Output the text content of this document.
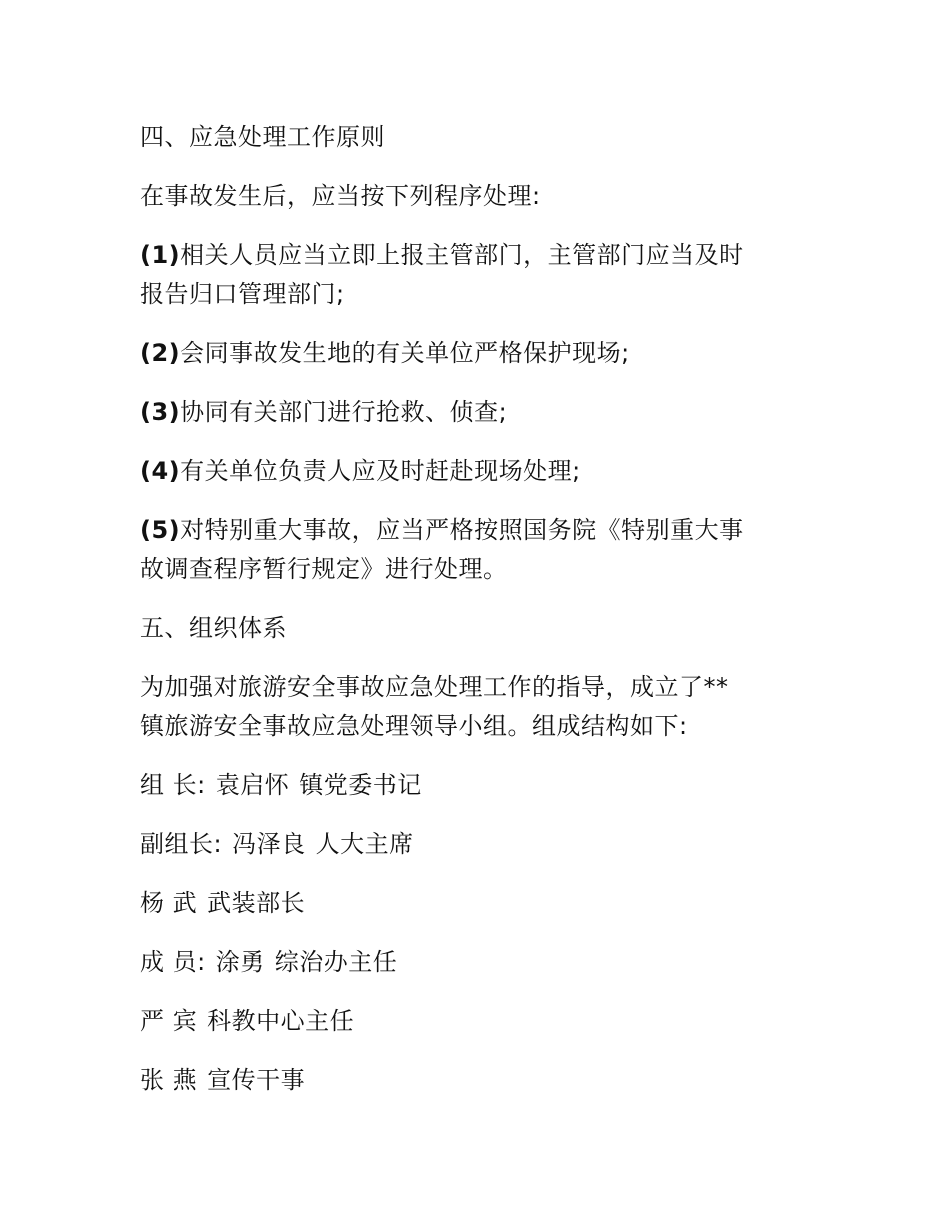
四、应急处理工作原则

在事故发生后，应当按下列程序处理:

(1)相关人员应当立即上报主管部门，主管部门应当及时
报告归口管理部门;

(2)会同事故发生地的有关单位严格保护现场;

(3)协同有关部门进行抢救、侦查;

(4)有关单位负责人应及时赶赴现场处理;

(5)对特别重大事故，应当严格按照国务院《特别重大事
故调查程序暂行规定》进行处理。

五、组织体系

为加强对旅游安全事故应急处理工作的指导，成立了**
镇旅游安全事故应急处理领导小组。组成结构如下:

组 长: 袁启怀 镇党委书记

副组长: 冯泽良 人大主席

杨 武 武装部长

成 员: 涂勇 综治办主任

严 宾 科教中心主任

张 燕 宣传干事
